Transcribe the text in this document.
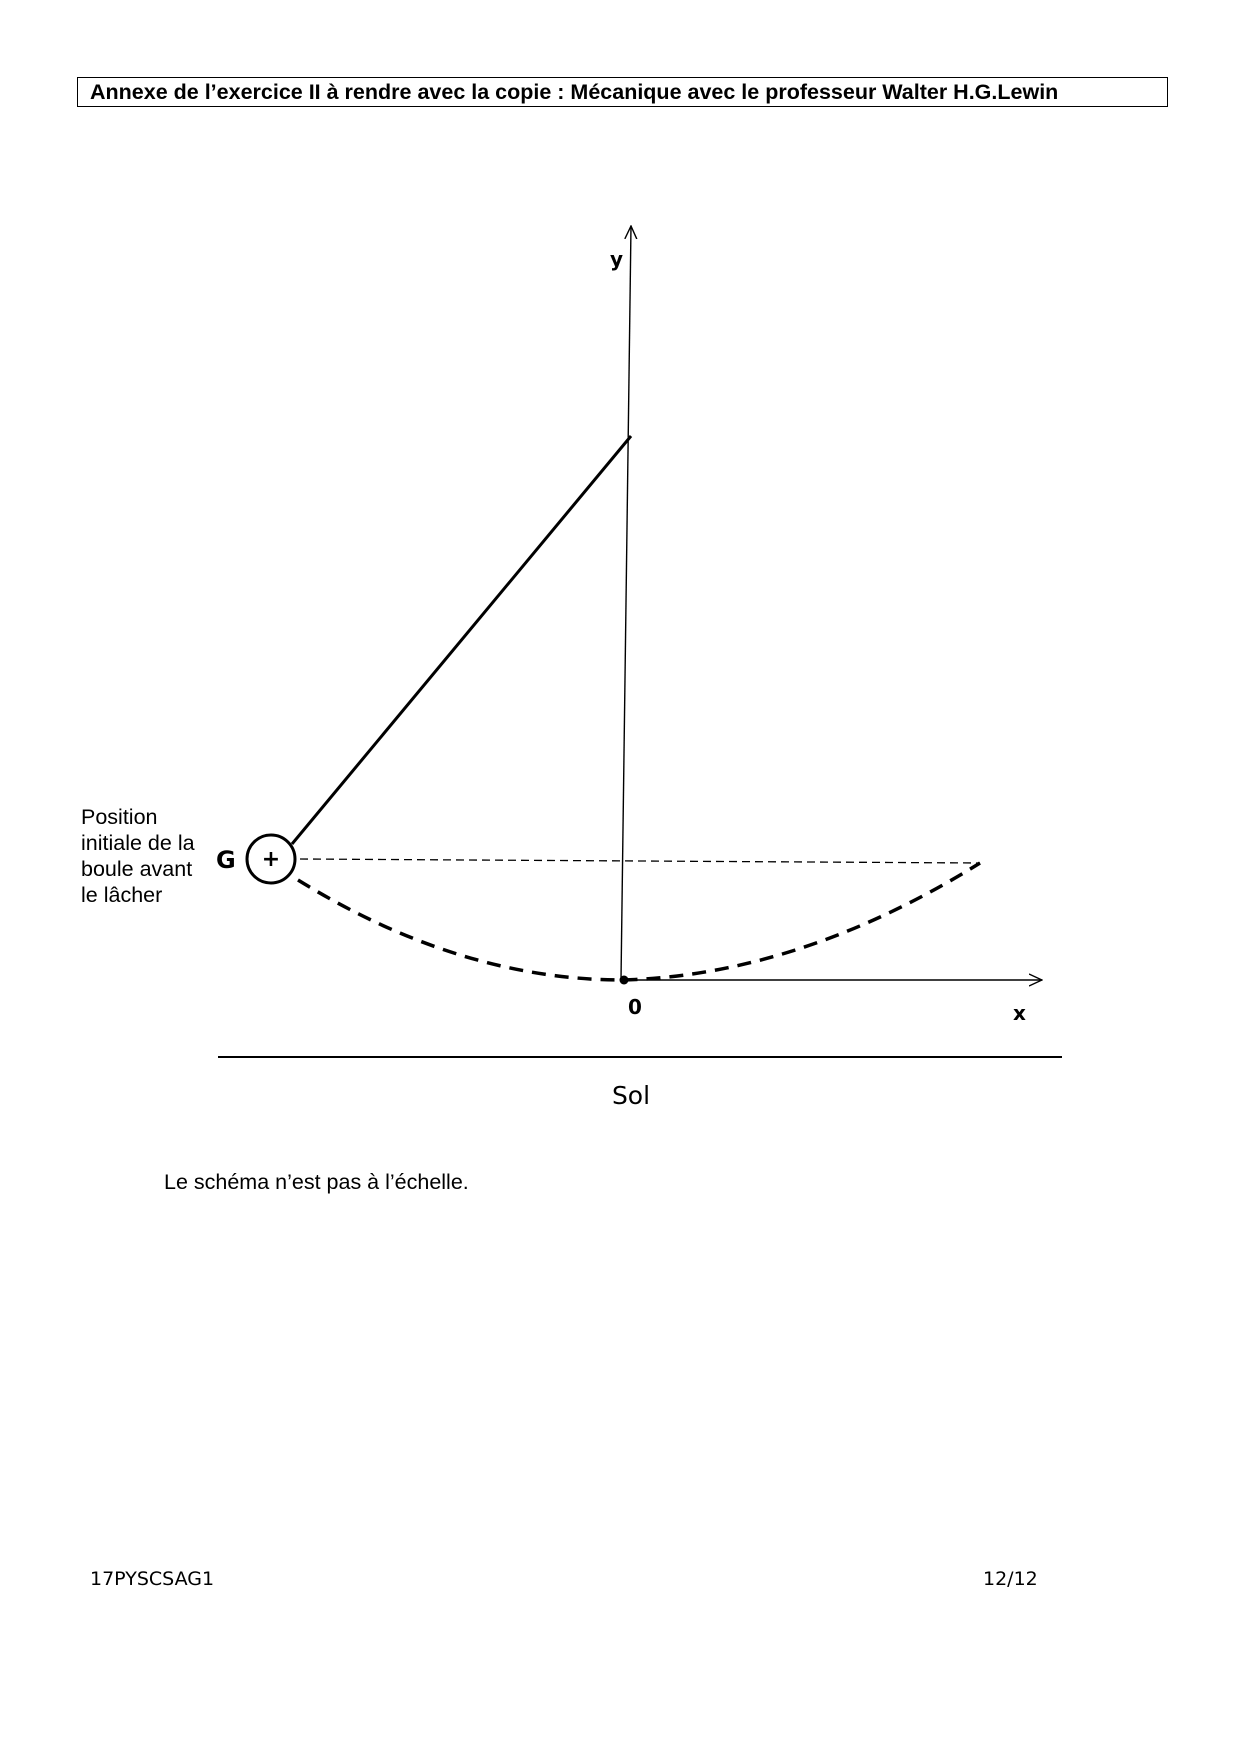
Annexe de l’exercice II à rendre avec la copie : Mécanique avec le professeur Walter H.G.Lewin
+
G
y
x
0
Sol
Position
initiale de la
boule avant
le lâcher
Le schéma n’est pas à l’échelle.
17PYSCSAG1	12/12
